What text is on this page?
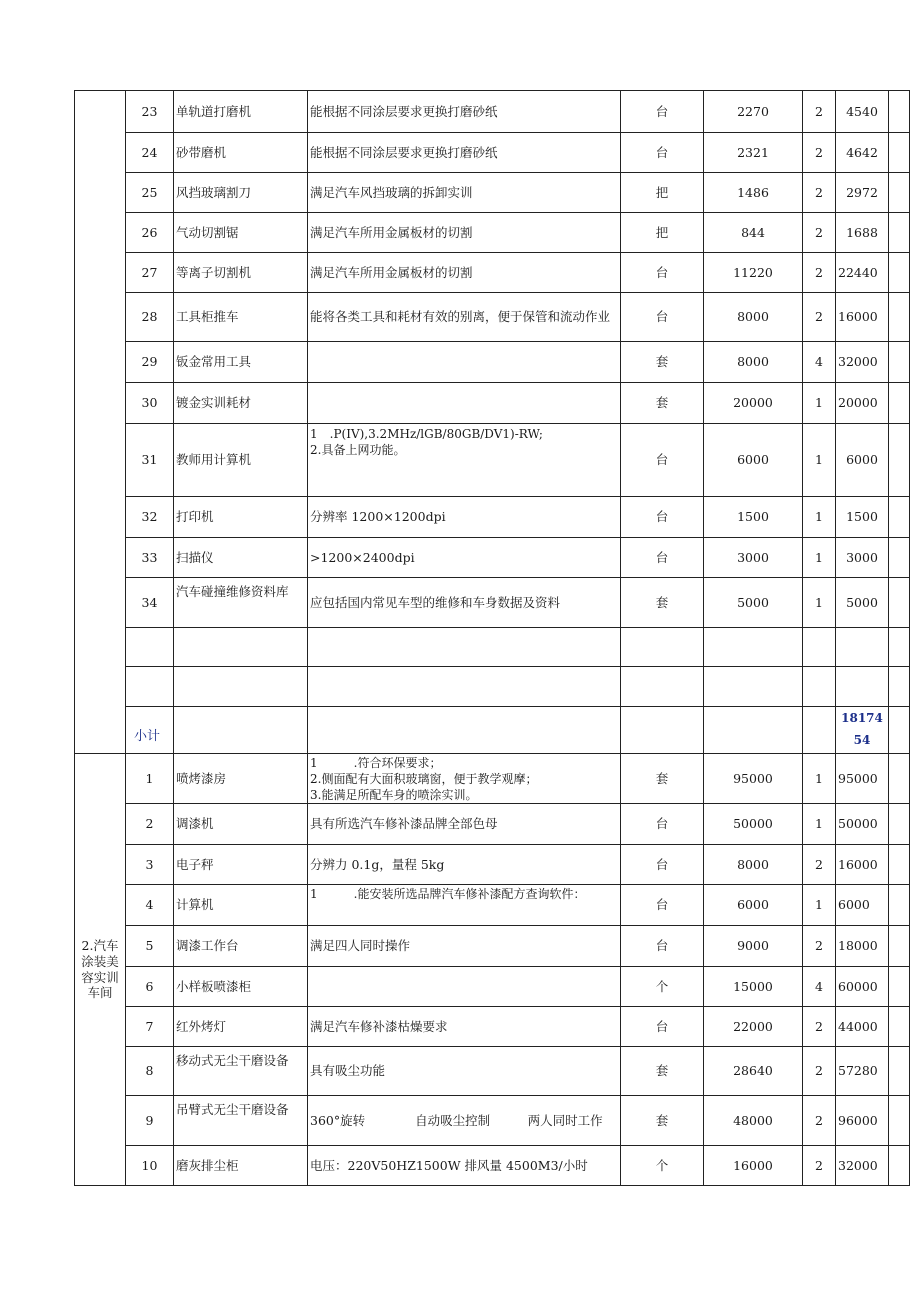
	23	单轨道打磨机	能根据不同涂层要求更换打磨砂纸	台	2270	2	4540	
	24	砂带磨机	能根据不同涂层要求更换打磨砂纸	台	2321	2	4642	
	25	风挡玻璃割刀	满足汽车风挡玻璃的拆卸实训	把	1486	2	2972	
	26	气动切割锯	满足汽车所用金属板材的切割	把	844	2	1688	
	27	等离子切割机	满足汽车所用金属板材的切割	台	11220	2	22440	
	28	工具柜推车	能将各类工具和耗材有效的别离，便于保管和流动作业	台	8000	2	16000	
	29	钣金常用工具		套	8000	4	32000	
	30	镀金实训耗材		套	20000	1	20000	
	31	教师用计算机	1　.P(IV),3.2MHz/lGB/80GB/DV1)-RW;
2.具备上网功能。	台	6000	1	6000	
	32	打印机	分辨率 1200×1200dpi	台	1500	1	1500	
	33	扫描仪	>1200×2400dpi	台	3000	1	3000	
	34	汽车碰撞维修资料库	应包括国内常见车型的维修和车身数据及资料	套	5000	1	5000	

	小计						18174
54	

2.汽车涂装美容实训车间	1	喷烤漆房	1　　　.符合环保要求；
2.侧面配有大面积玻璃窗，便于教学观摩；
3.能满足所配车身的喷涂实训。	套	95000	1	95000	
	2	调漆机	具有所选汽车修补漆品牌全部色母	台	50000	1	50000	
	3	电子秤	分辨力 0.1g，量程 5kg	台	8000	2	16000	
	4	计算机	1　　　.能安装所选品牌汽车修补漆配方查询软件：	台	6000	1	6000	
	5	调漆工作台	满足四人同时操作	台	9000	2	18000	
	6	小样板喷漆柜		个	15000	4	60000	
	7	红外烤灯	满足汽车修补漆枯燥要求	台	22000	2	44000	
	8	移动式无尘干磨设备	具有吸尘功能	套	28640	2	57280	
	9	吊臂式无尘干磨设备	360°旋转　　　　自动吸尘控制　　　两人同时工作	套	48000	2	96000	
	10	磨灰排尘柜	电压：220V50HZ1500W 排风量 4500M3/小时	个	16000	2	32000	
